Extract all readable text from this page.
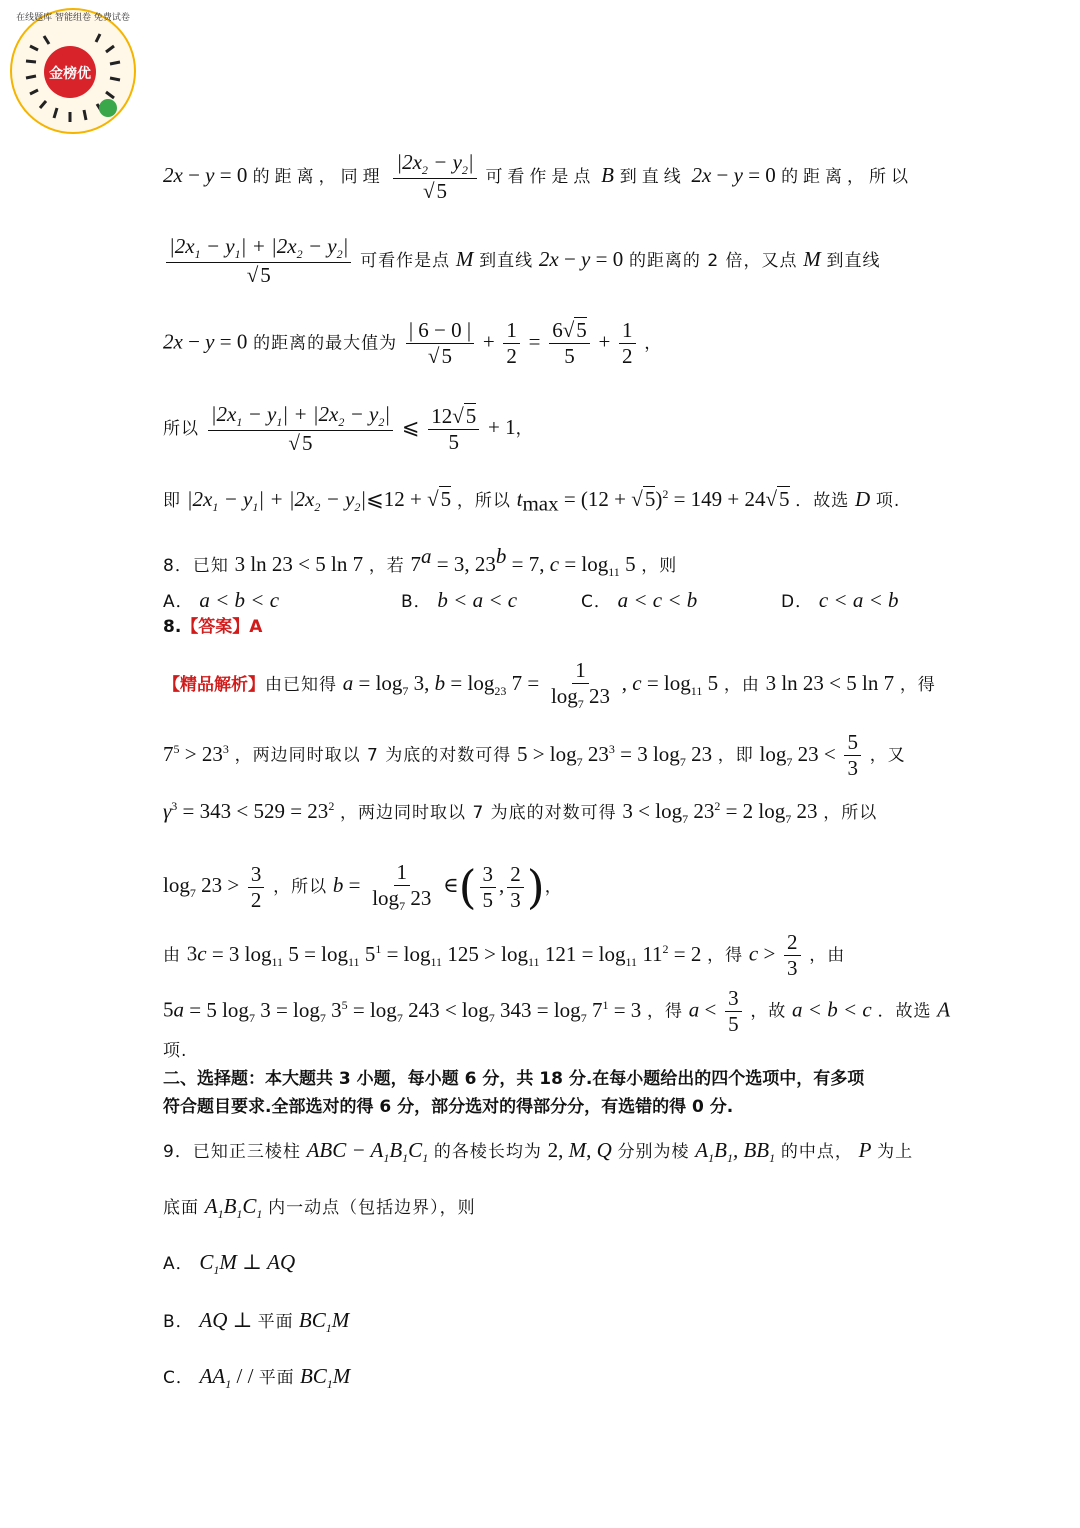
金榜优
在线题库 智能组卷 免费试卷
2x − y = 0 的距离，同理 $\frac{|2x_2 - y_2|}{√5}$ 可看作是点 B 到直线 2x − y = 0 的距离，所以
$\frac{|2x_1 - y_1| + |2x_2 - y_2|}{√5}$ 可看作是点 M 到直线 2x − y = 0 的距离的 2 倍，又点 M 到直线
2x − y = 0 的距离的最大值为 $\frac{| 6 - 0 |}{√5} + \frac{1}{2} = \frac{6√5}{5} + \frac{1}{2}$ ，
所以 $\frac{|2x_1 - y_1| + |2x_2 - y_2|}{√5}$ ⩽ $\frac{12√5}{5} + 1$，
即 $|2x_1 - y_1| + |2x_2$ − $y_2|⩽12 + √5$ ，所以 $t_{max} = (12 + √5)^2 = 149 + 24√5$ ．故选 D 项.
8．已知 3 ln 23 < 5 ln 7 ，若 $7^a = 3$, $23^b = 7$, $c = \log_{11} 5$ ，则
A． a < b < c	B． b < a < c	C． a < c < b	D． c < a < b
8.【答案】A
【精品解析】由已知得 $a = \log_7 3$, $b = \log_{23} 7 = \frac{1}{\log_7 23}$ , $c = \log_{11} 5$ ，由 3 ln 23 < 5 ln 7 ，得
$7^5 > 23^3$ ，两边同时取以 7 为底的对数可得 $5 > \log_7 23^3 = 3$ $\log_7 23$ ，即 $\log_7 23 < \frac{5}{3}$ ，又
$\gamma^3 = 343 < 529 = 23^2$ ，两边同时取以 7 为底的对数可得 $3 < \log_7 23^2 = 2$ $\log_7 23$ ，所以
$\log_7 23 > \frac{3}{2}$ ，所以 $b = \frac{1}{\log_7 23}$ ∈( $\frac{3}{5}$ , $\frac{2}{3}$ )，
由 3c = 3 $\log_{11} 5 = \log_{11} 5^1 = \log_{11} 125 > \log_{11} 121 = \log_{11} 11^2 = 2$ ，得 $c > \frac{2}{3}$ ，由
5a = 5 $\log_7 3 = \log_7 3^5 = \log_7 243 < \log_7 343 = \log_7 7^1 = 3$ ，得 $a < \frac{3}{5}$ ，故 a < b < c ．故选 A
项.
二、选择题：本大题共 3 小题，每小题 6 分，共 18 分.在每小题给出的四个选项中，有多项
符合题目要求.全部选对的得 6 分，部分选对的得部分分，有选错的得 0 分.
9．已知正三棱柱 ABC − $A_1B_1C_1$ 的各棱长均为 2, M, Q 分别为棱 $A_1B_1$, $BB_1$ 的中点， P 为上
底面 $A_1B_1C_1$ 内一动点（包括边界），则
A． $C_1M$ ⊥ AQ
B． AQ ⊥ 平面 $BC_1M$
C． $AA_1$ / / 平面 $BC_1M$
